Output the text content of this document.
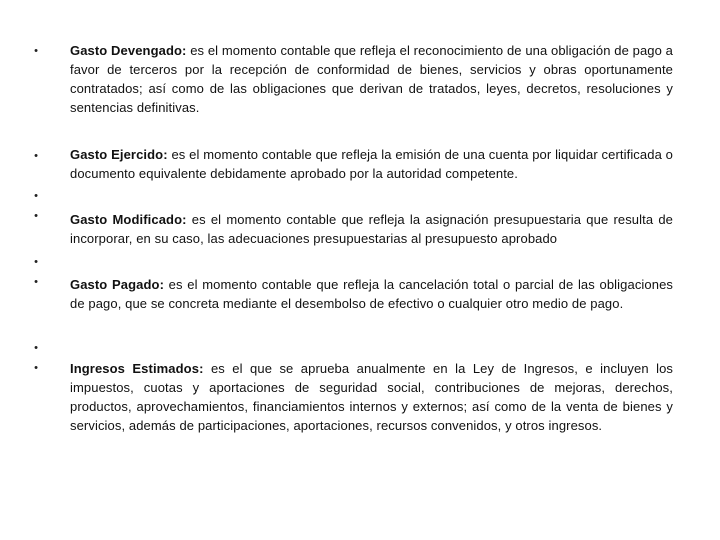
•	Gasto Devengado: es el momento contable que refleja el reconocimiento de una obligación de pago a favor de terceros por la recepción de conformidad de bienes, servicios y obras oportunamente contratados; así como de las obligaciones que derivan de tratados, leyes, decretos, resoluciones y sentencias definitivas.
•	Gasto Ejercido: es el momento contable que refleja la emisión de una cuenta por liquidar certificada o documento equivalente debidamente aprobado por la autoridad competente.
•
•	Gasto Modificado: es el momento contable que refleja la asignación presupuestaria que resulta de incorporar, en su caso, las adecuaciones presupuestarias al presupuesto aprobado
•
•	Gasto Pagado: es el momento contable que refleja la cancelación total o parcial de las obligaciones de pago, que se concreta mediante el desembolso de efectivo o cualquier otro medio de pago.
•
•	Ingresos Estimados: es el que se aprueba anualmente en la Ley de Ingresos, e incluyen los impuestos, cuotas y aportaciones de seguridad social, contribuciones de mejoras, derechos, productos, aprovechamientos, financiamientos internos y externos; así como de la venta de bienes y servicios, además de participaciones, aportaciones, recursos convenidos, y otros ingresos.
